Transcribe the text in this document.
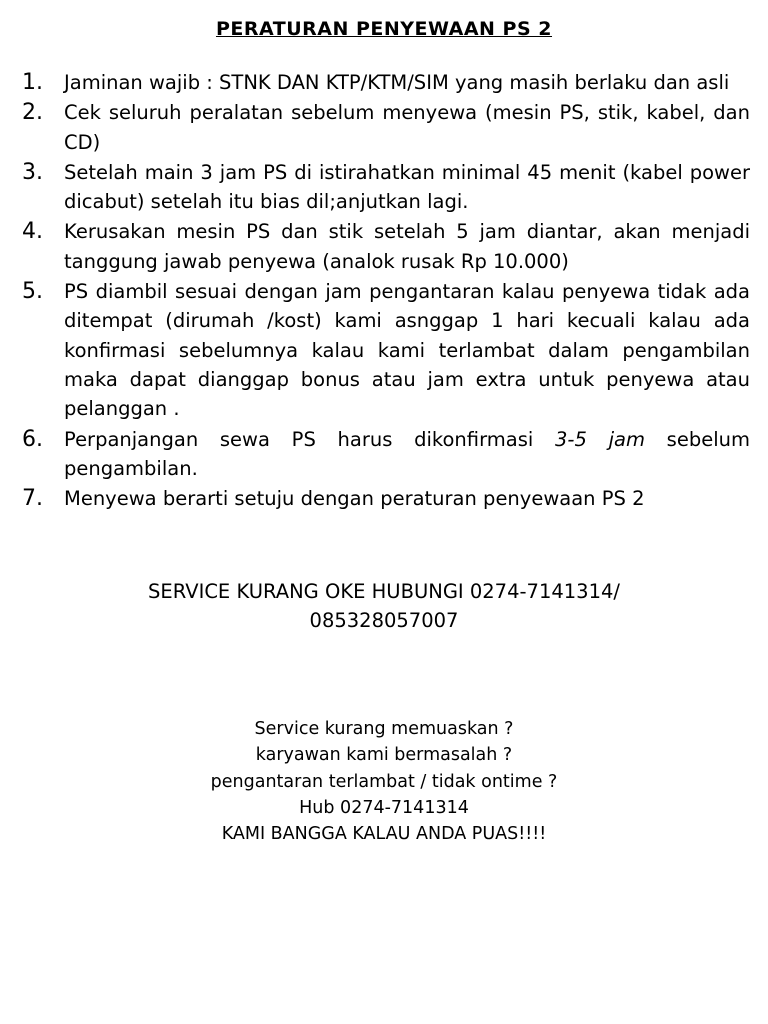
PERATURAN PENYEWAAN PS 2
1.	Jaminan wajib : STNK DAN KTP/KTM/SIM yang masih berlaku dan asli
2.	Cek seluruh peralatan sebelum menyewa (mesin PS, stik, kabel, dan CD)
3.	Setelah main 3 jam PS di istirahatkan minimal 45 menit (kabel power dicabut) setelah itu bias dil;anjutkan lagi.
4.	Kerusakan mesin PS dan stik setelah 5 jam diantar, akan menjadi tanggung jawab penyewa (analok rusak Rp 10.000)
5.	PS diambil sesuai dengan jam pengantaran kalau penyewa tidak ada ditempat (dirumah /kost) kami asnggap 1 hari kecuali kalau ada konfirmasi sebelumnya kalau kami terlambat dalam pengambilan maka dapat dianggap bonus atau jam extra untuk penyewa atau pelanggan .
6.	Perpanjangan sewa PS harus dikonfirmasi 3-5 jam sebelum pengambilan.
7.	Menyewa berarti setuju dengan peraturan penyewaan PS 2
SERVICE KURANG OKE HUBUNGI 0274-7141314/
085328057007
Service kurang memuaskan ?
karyawan kami bermasalah ?
pengantaran terlambat / tidak ontime ?
Hub 0274-7141314
KAMI BANGGA KALAU ANDA PUAS!!!!
